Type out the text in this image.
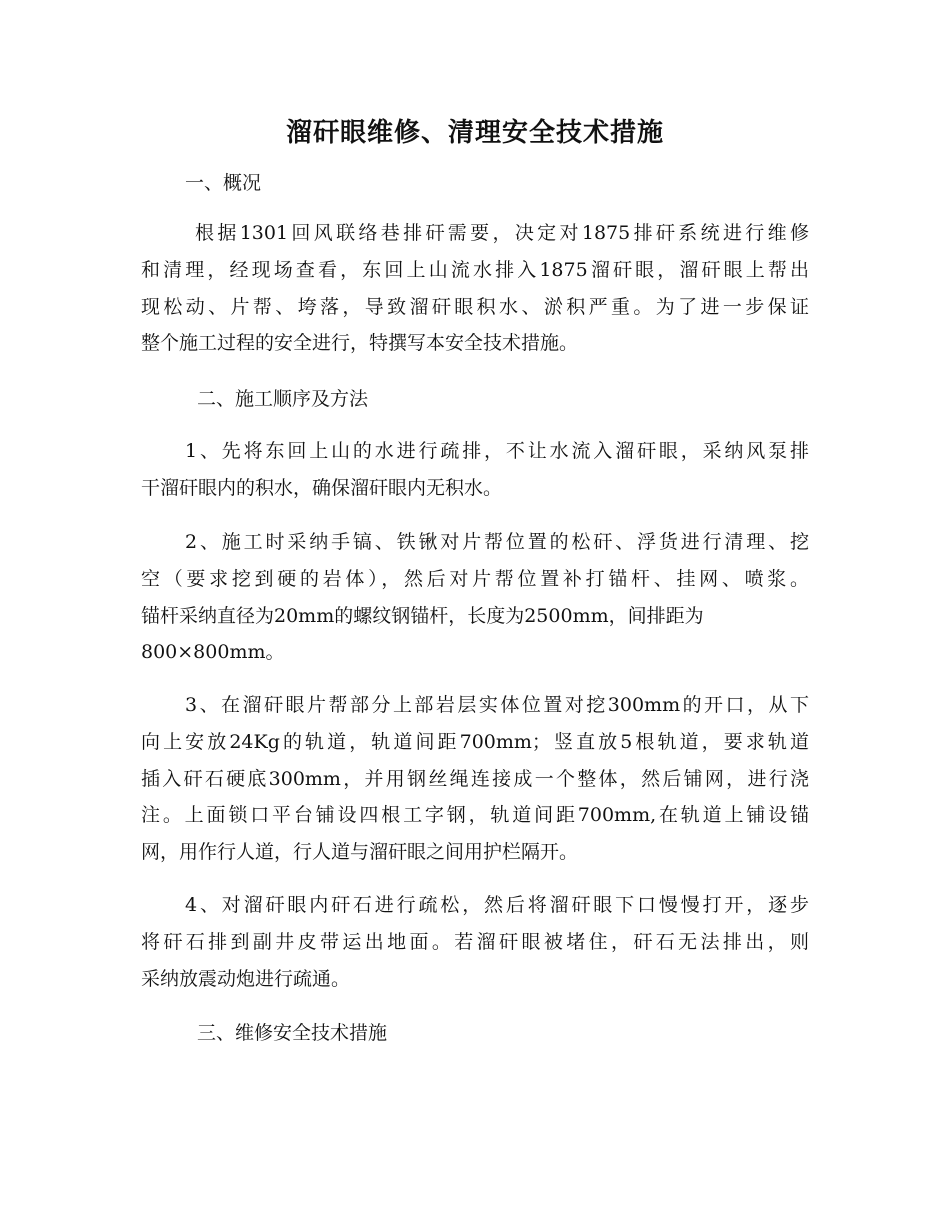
溜矸眼维修、清理安全技术措施

一、概况

根据1301回风联络巷排矸需要，决定对1875排矸系统进行维修
和清理，经现场查看，东回上山流水排入1875溜矸眼，溜矸眼上帮出
现松动、片帮、垮落，导致溜矸眼积水、淤积严重。为了进一步保证
整个施工过程的安全进行，特撰写本安全技术措施。

二、施工顺序及方法

1、先将东回上山的水进行疏排，不让水流入溜矸眼，采纳风泵排
干溜矸眼内的积水，确保溜矸眼内无积水。
2、施工时采纳手镐、铁锹对片帮位置的松矸、浮货进行清理、挖
空（要求挖到硬的岩体），然后对片帮位置补打锚杆、挂网、喷浆。
锚杆采纳直径为20mm的螺纹钢锚杆，长度为2500mm，间排距为
800×800mm。
3、在溜矸眼片帮部分上部岩层实体位置对挖300mm的开口，从下
向上安放24Kg的轨道，轨道间距700mm；竖直放5根轨道，要求轨道
插入矸石硬底300mm，并用钢丝绳连接成一个整体，然后铺网，进行浇
注。上面锁口平台铺设四根工字钢，轨道间距700mm,在轨道上铺设锚
网，用作行人道，行人道与溜矸眼之间用护栏隔开。
4、对溜矸眼内矸石进行疏松，然后将溜矸眼下口慢慢打开，逐步
将矸石排到副井皮带运出地面。若溜矸眼被堵住，矸石无法排出，则
采纳放震动炮进行疏通。

三、维修安全技术措施
